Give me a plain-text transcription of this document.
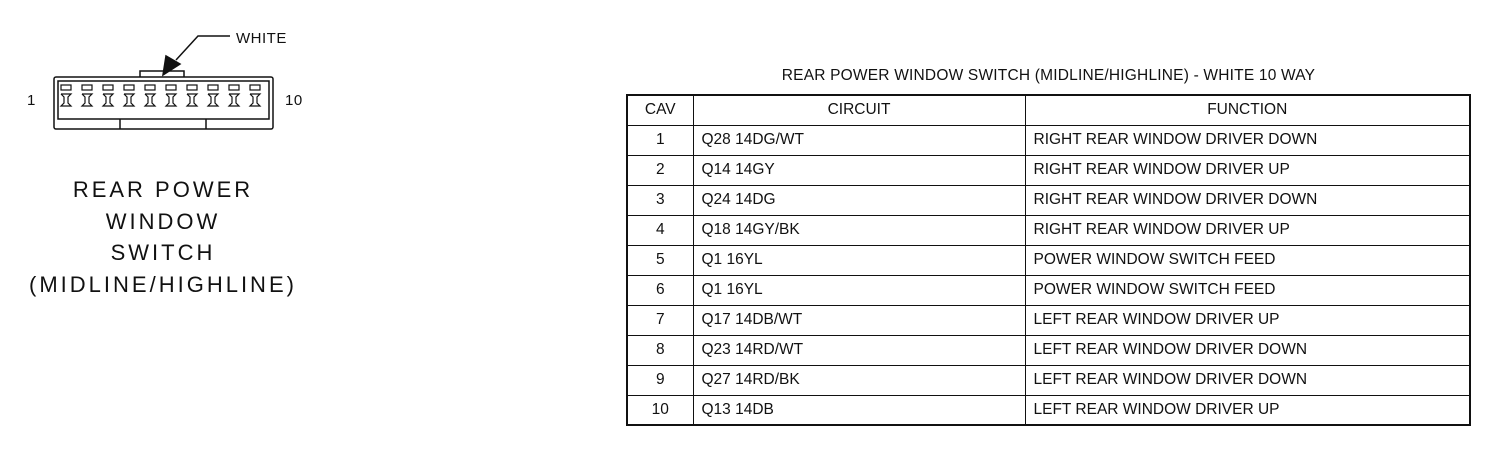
WHITE
1	10
REAR POWER
WINDOW
SWITCH
(MIDLINE/HIGHLINE)
REAR POWER WINDOW SWITCH (MIDLINE/HIGHLINE) - WHITE 10 WAY
CAV	CIRCUIT	FUNCTION
1	Q28 14DG/WT	RIGHT REAR WINDOW DRIVER DOWN
2	Q14 14GY	RIGHT REAR WINDOW DRIVER UP
3	Q24 14DG	RIGHT REAR WINDOW DRIVER DOWN
4	Q18 14GY/BK	RIGHT REAR WINDOW DRIVER UP
5	Q1 16YL	POWER WINDOW SWITCH FEED
6	Q1 16YL	POWER WINDOW SWITCH FEED
7	Q17 14DB/WT	LEFT REAR WINDOW DRIVER UP
8	Q23 14RD/WT	LEFT REAR WINDOW DRIVER DOWN
9	Q27 14RD/BK	LEFT REAR WINDOW DRIVER DOWN
10	Q13 14DB	LEFT REAR WINDOW DRIVER UP
